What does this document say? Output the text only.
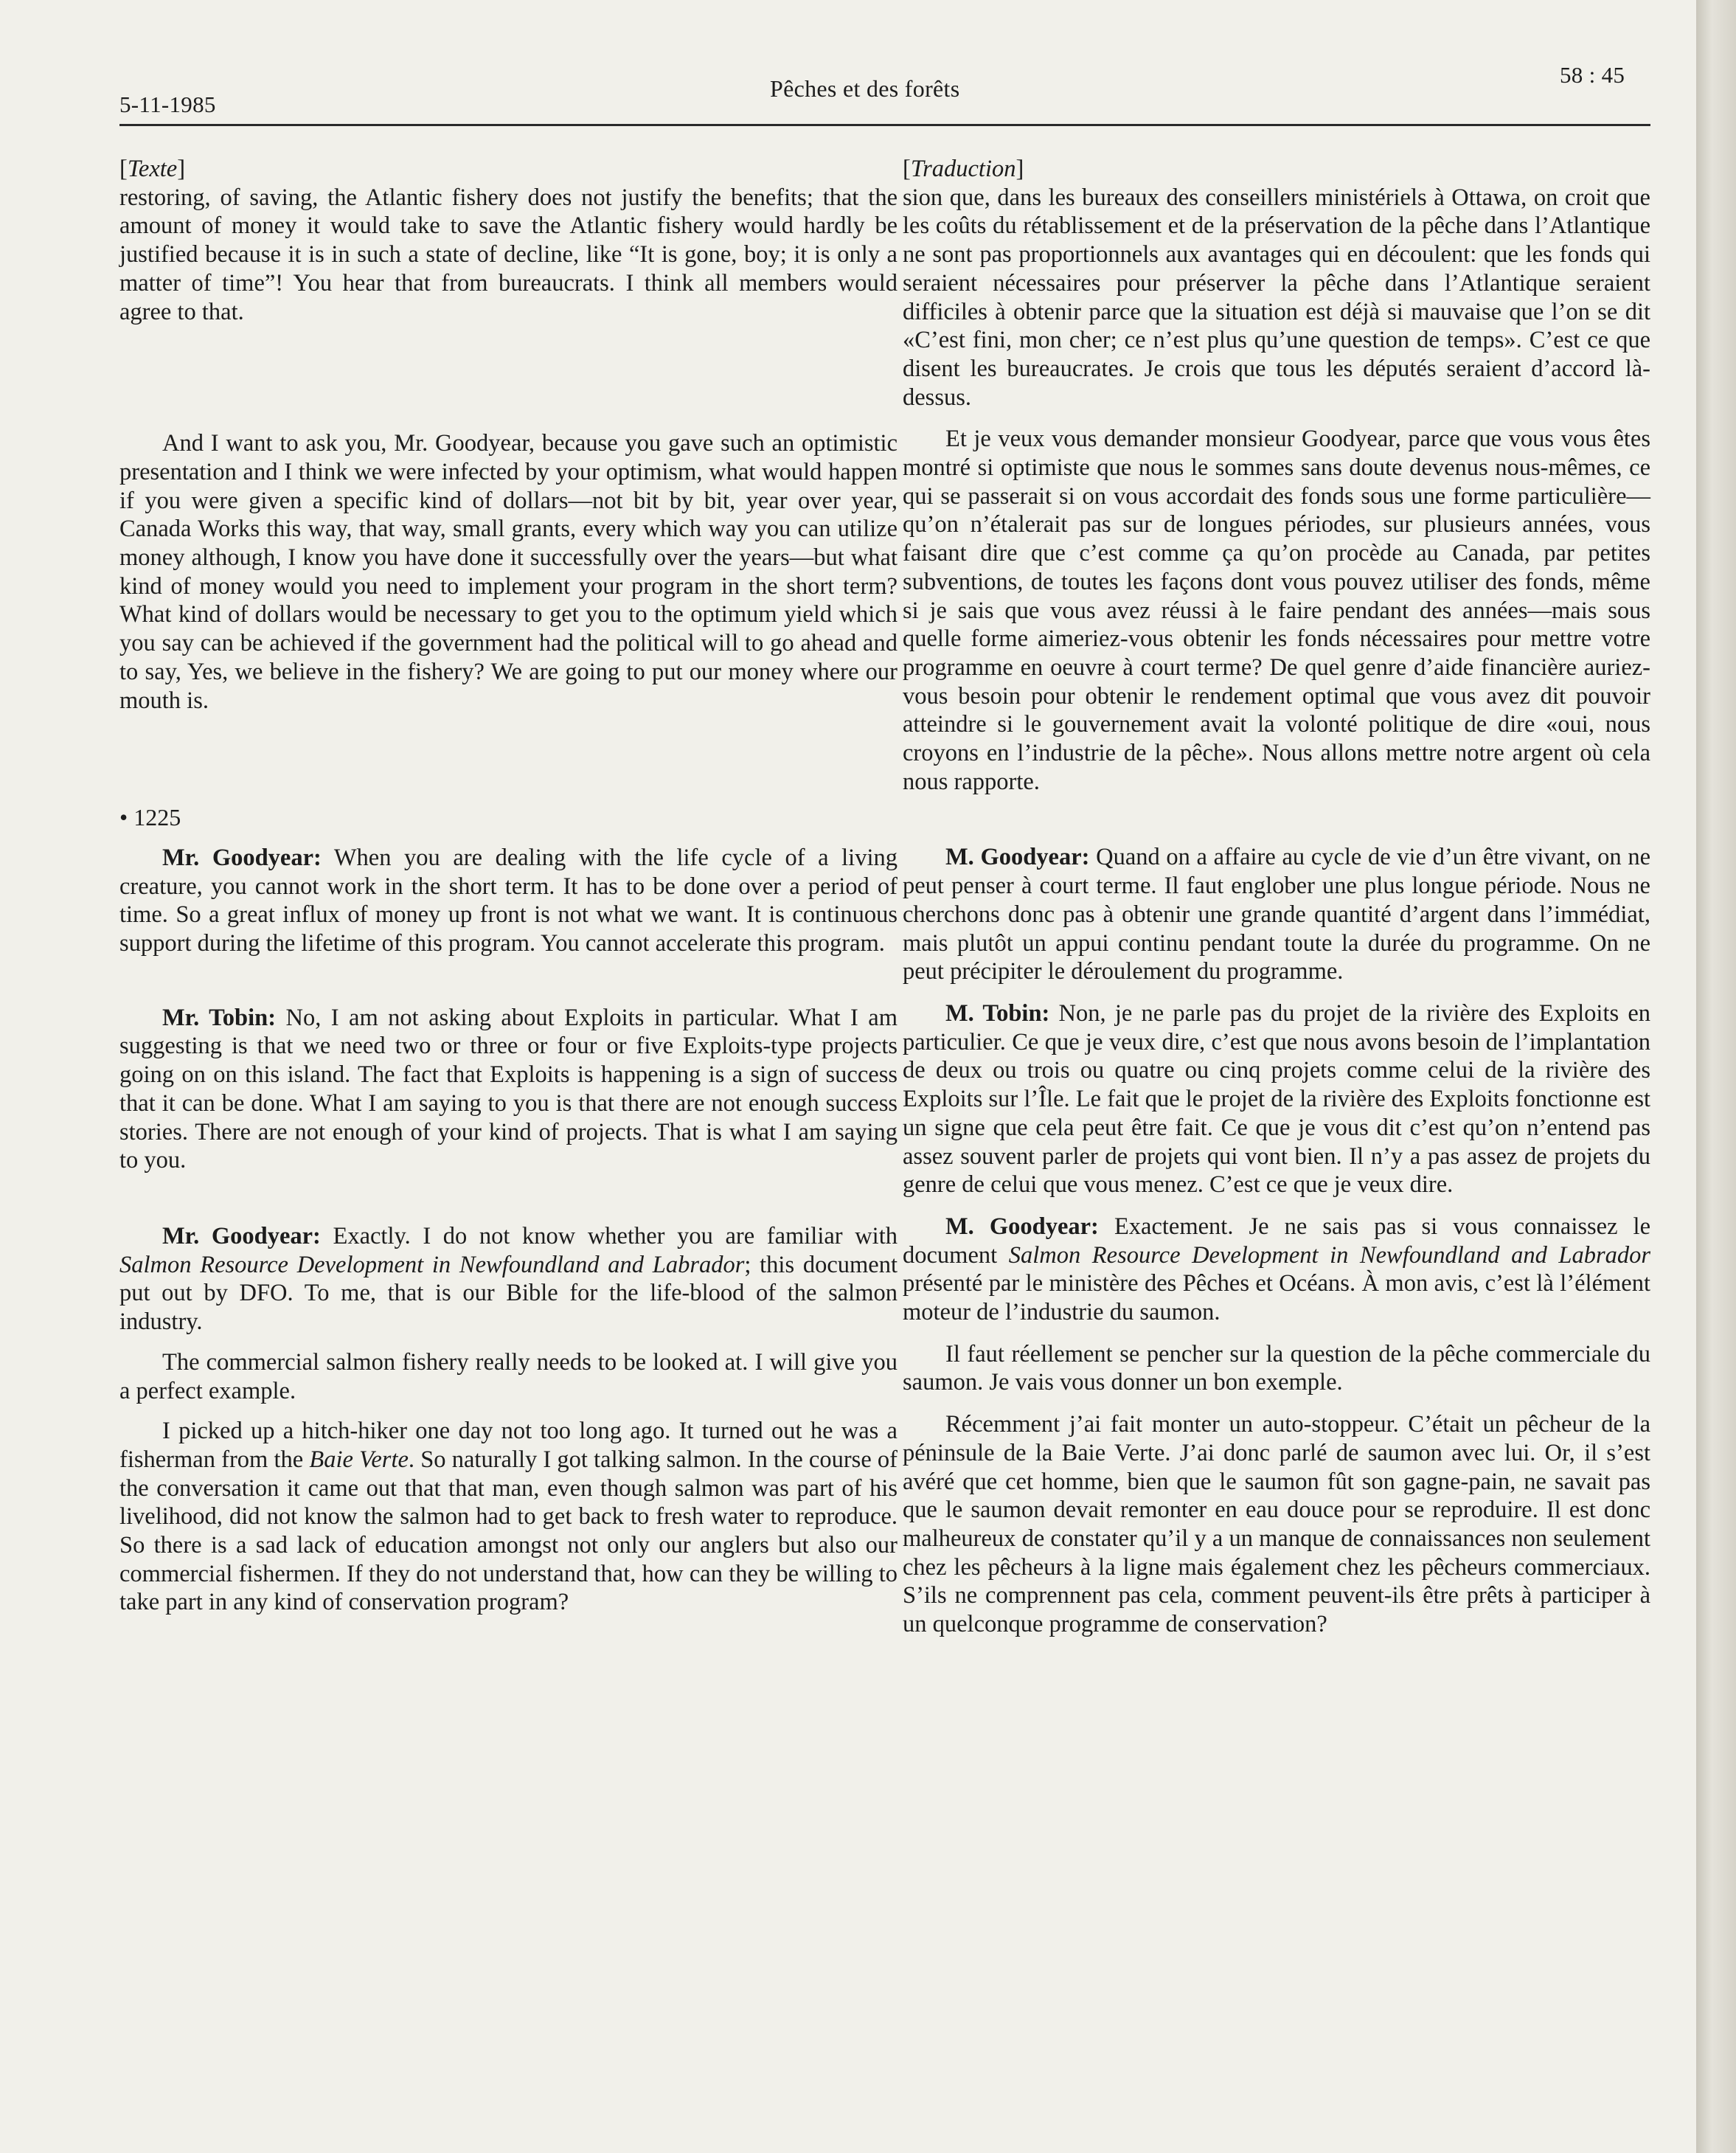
5-11-1985
Pêches et des forêts
58 : 45

[Texte]

restoring, of saving, the Atlantic fishery does not justify the benefits; that the amount of money it would take to save the Atlantic fishery would hardly be justified because it is in such a state of decline, like “It is gone, boy; it is only a matter of time”! You hear that from bureaucrats. I think all members would agree to that.

And I want to ask you, Mr. Goodyear, because you gave such an optimistic presentation and I think we were infected by your optimism, what would happen if you were given a specific kind of dollars—not bit by bit, year over year, Canada Works this way, that way, small grants, every which way you can utilize money although, I know you have done it successfully over the years—but what kind of money would you need to implement your program in the short term? What kind of dollars would be necessary to get you to the optimum yield which you say can be achieved if the government had the political will to go ahead and to say, Yes, we believe in the fishery? We are going to put our money where our mouth is.

• 1225

Mr. Goodyear: When you are dealing with the life cycle of a living creature, you cannot work in the short term. It has to be done over a period of time. So a great influx of money up front is not what we want. It is continuous support during the lifetime of this program. You cannot accelerate this program.

Mr. Tobin: No, I am not asking about Exploits in particular. What I am suggesting is that we need two or three or four or five Exploits-type projects going on on this island. The fact that Exploits is happening is a sign of success that it can be done. What I am saying to you is that there are not enough success stories. There are not enough of your kind of projects. That is what I am saying to you.

Mr. Goodyear: Exactly. I do not know whether you are familiar with Salmon Resource Development in Newfoundland and Labrador; this document put out by DFO. To me, that is our Bible for the life-blood of the salmon industry.

The commercial salmon fishery really needs to be looked at. I will give you a perfect example.

I picked up a hitch-hiker one day not too long ago. It turned out he was a fisherman from the Baie Verte. So naturally I got talking salmon. In the course of the conversation it came out that that man, even though salmon was part of his livelihood, did not know the salmon had to get back to fresh water to reproduce. So there is a sad lack of education amongst not only our anglers but also our commercial fishermen. If they do not understand that, how can they be willing to take part in any kind of conservation program?

[Traduction]

sion que, dans les bureaux des conseillers ministériels à Ottawa, on croit que les coûts du rétablissement et de la préservation de la pêche dans l’Atlantique ne sont pas proportionnels aux avantages qui en découlent: que les fonds qui seraient nécessaires pour préserver la pêche dans l’Atlantique seraient difficiles à obtenir parce que la situation est déjà si mauvaise que l’on se dit «C’est fini, mon cher; ce n’est plus qu’une question de temps». C’est ce que disent les bureaucrates. Je crois que tous les députés seraient d’accord là-dessus.

Et je veux vous demander monsieur Goodyear, parce que vous vous êtes montré si optimiste que nous le sommes sans doute devenus nous-mêmes, ce qui se passerait si on vous accordait des fonds sous une forme particulière—qu’on n’étalerait pas sur de longues périodes, sur plusieurs années, vous faisant dire que c’est comme ça qu’on procède au Canada, par petites subventions, de toutes les façons dont vous pouvez utiliser des fonds, même si je sais que vous avez réussi à le faire pendant des années—mais sous quelle forme aimeriez-vous obtenir les fonds nécessaires pour mettre votre programme en oeuvre à court terme? De quel genre d’aide financière auriez-vous besoin pour obtenir le rendement optimal que vous avez dit pouvoir atteindre si le gouvernement avait la volonté politique de dire «oui, nous croyons en l’industrie de la pêche». Nous allons mettre notre argent où cela nous rapporte.

M. Goodyear: Quand on a affaire au cycle de vie d’un être vivant, on ne peut penser à court terme. Il faut englober une plus longue période. Nous ne cherchons donc pas à obtenir une grande quantité d’argent dans l’immédiat, mais plutôt un appui continu pendant toute la durée du programme. On ne peut précipiter le déroulement du programme.

M. Tobin: Non, je ne parle pas du projet de la rivière des Exploits en particulier. Ce que je veux dire, c’est que nous avons besoin de l’implantation de deux ou trois ou quatre ou cinq projets comme celui de la rivière des Exploits sur l’Île. Le fait que le projet de la rivière des Exploits fonctionne est un signe que cela peut être fait. Ce que je vous dit c’est qu’on n’entend pas assez souvent parler de projets qui vont bien. Il n’y a pas assez de projets du genre de celui que vous menez. C’est ce que je veux dire.

M. Goodyear: Exactement. Je ne sais pas si vous connaissez le document Salmon Resource Development in Newfoundland and Labrador présenté par le ministère des Pêches et Océans. À mon avis, c’est là l’élément moteur de l’industrie du saumon.

Il faut réellement se pencher sur la question de la pêche commerciale du saumon. Je vais vous donner un bon exemple.

Récemment j’ai fait monter un auto-stoppeur. C’était un pêcheur de la péninsule de la Baie Verte. J’ai donc parlé de saumon avec lui. Or, il s’est avéré que cet homme, bien que le saumon fût son gagne-pain, ne savait pas que le saumon devait remonter en eau douce pour se reproduire. Il est donc malheureux de constater qu’il y a un manque de connaissances non seulement chez les pêcheurs à la ligne mais également chez les pêcheurs commerciaux. S’ils ne comprennent pas cela, comment peuvent-ils être prêts à participer à un quelconque programme de conservation?
